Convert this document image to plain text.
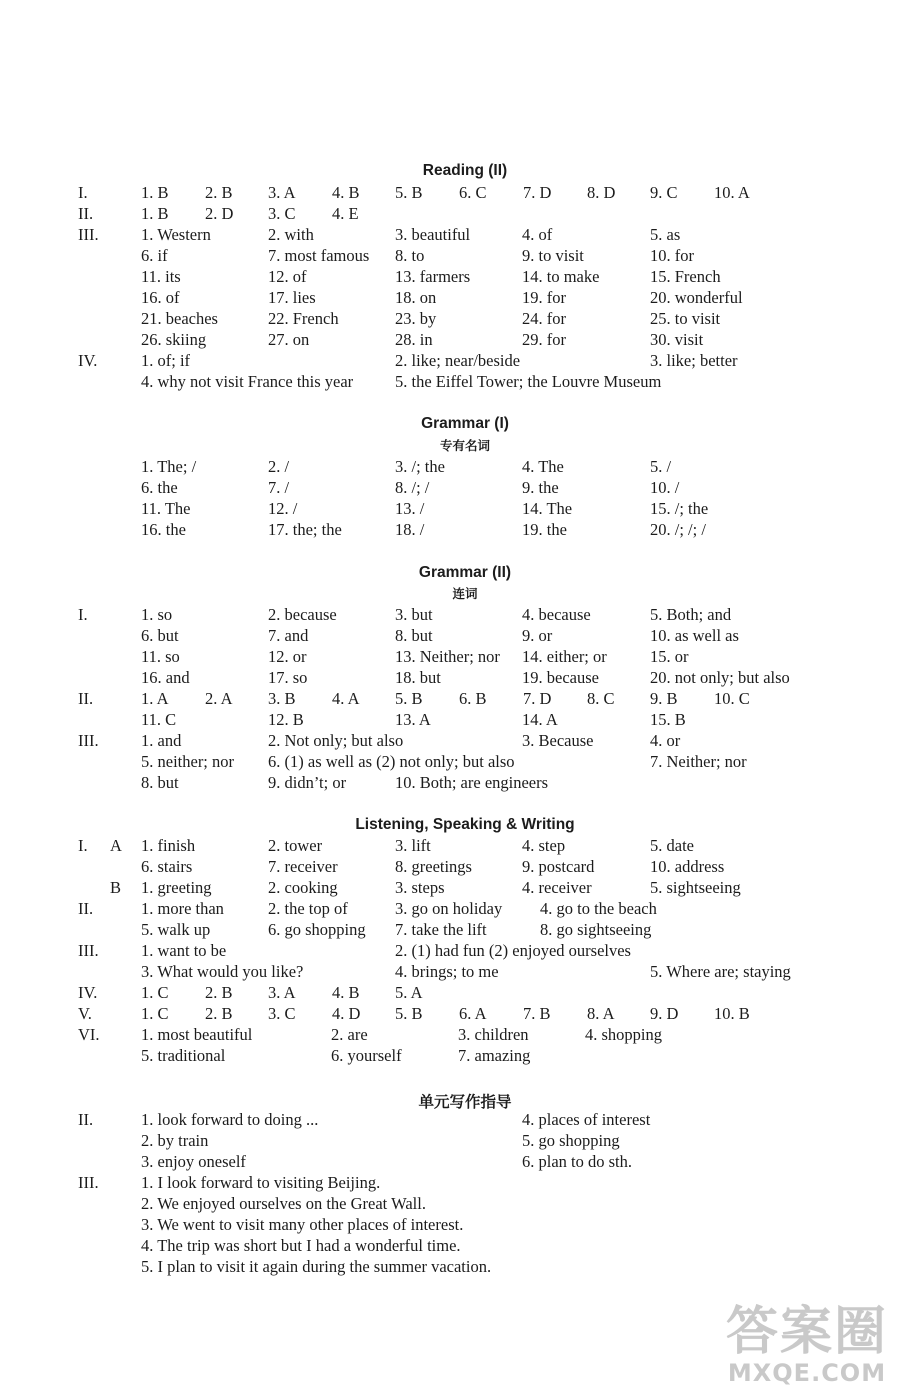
Reading (II)
I.	1. B 2. B 3. A 4. B 5. B 6. C 7. D 8. D 9. C 10. A
II.	1. B 2. D 3. C 4. E
III.	1. Western	2. with	3. beautiful	4. of	5. as
6. if	7. most famous 8. to	9. to visit	10. for
11. its	12. of	13. farmers	14. to make	15. French
16. of	17. lies	18. on	19. for	20. wonderful
21. beaches	22. French	23. by	24. for	25. to visit
26. skiing	27. on	28. in	29. for	30. visit
IV.	1. of; if	2. like; near/beside	3. like; better
4. why not visit France this year	5. the Eiffel Tower; the Louvre Museum
Grammar (I)
专有名词
1. The; /	2. /	3. /; the	4. The	5. /
6. the	7. /	8. /; /	9. the	10. /
11. The	12. /	13. /	14. The	15. /; the
16. the	17. the; the	18. /	19. the	20. /; /; /
Grammar (II)
连词
I.	1. so	2. because	3. but	4. because	5. Both; and
6. but	7. and	8. but	9. or	10. as well as
11. so	12. or	13. Neither; nor 14. either; or	15. or
16. and	17. so	18. but	19. because	20. not only; but also
II.	1. A 2. A 3. B 4. A 5. B 6. B 7. D 8. C 9. B 10. C
11. C	12. B	13. A	14. A	15. B
III.	1. and	2. Not only; but also	3. Because	4. or
5. neither; nor 6. (1) as well as (2) not only; but also	7. Neither; nor
8. but	9. didn’t; or	10. Both; are engineers
Listening, Speaking & Writing
I. A 1. finish	2. tower	3. lift	4. step	5. date
6. stairs	7. receiver	8. greetings	9. postcard	10. address
B 1. greeting	2. cooking	3. steps	4. receiver	5. sightseeing
II.	1. more than	2. the top of	3. go on holiday 4. go to the beach
5. walk up	6. go shopping 7. take the lift	8. go sightseeing
III.	1. want to be	2. (1) had fun (2) enjoyed ourselves
3. What would you like?	4. brings; to me	5. Where are; staying
IV.	1. C 2. B 3. A 4. B 5. A
V.	1. C 2. B 3. C 4. D 5. B 6. A 7. B 8. A 9. D 10. B
VI.	1. most beautiful	2. are	3. children	4. shopping
5. traditional	6. yourself	7. amazing
单元写作指导
II.	1. look forward to doing ...	4. places of interest
2. by train	5. go shopping
3. enjoy oneself	6. plan to do sth.
III.	1. I look forward to visiting Beijing.
2. We enjoyed ourselves on the Great Wall.
3. We went to visit many other places of interest.
4. The trip was short but I had a wonderful time.
5. I plan to visit it again during the summer vacation.
答案圈
MXQE.COM
